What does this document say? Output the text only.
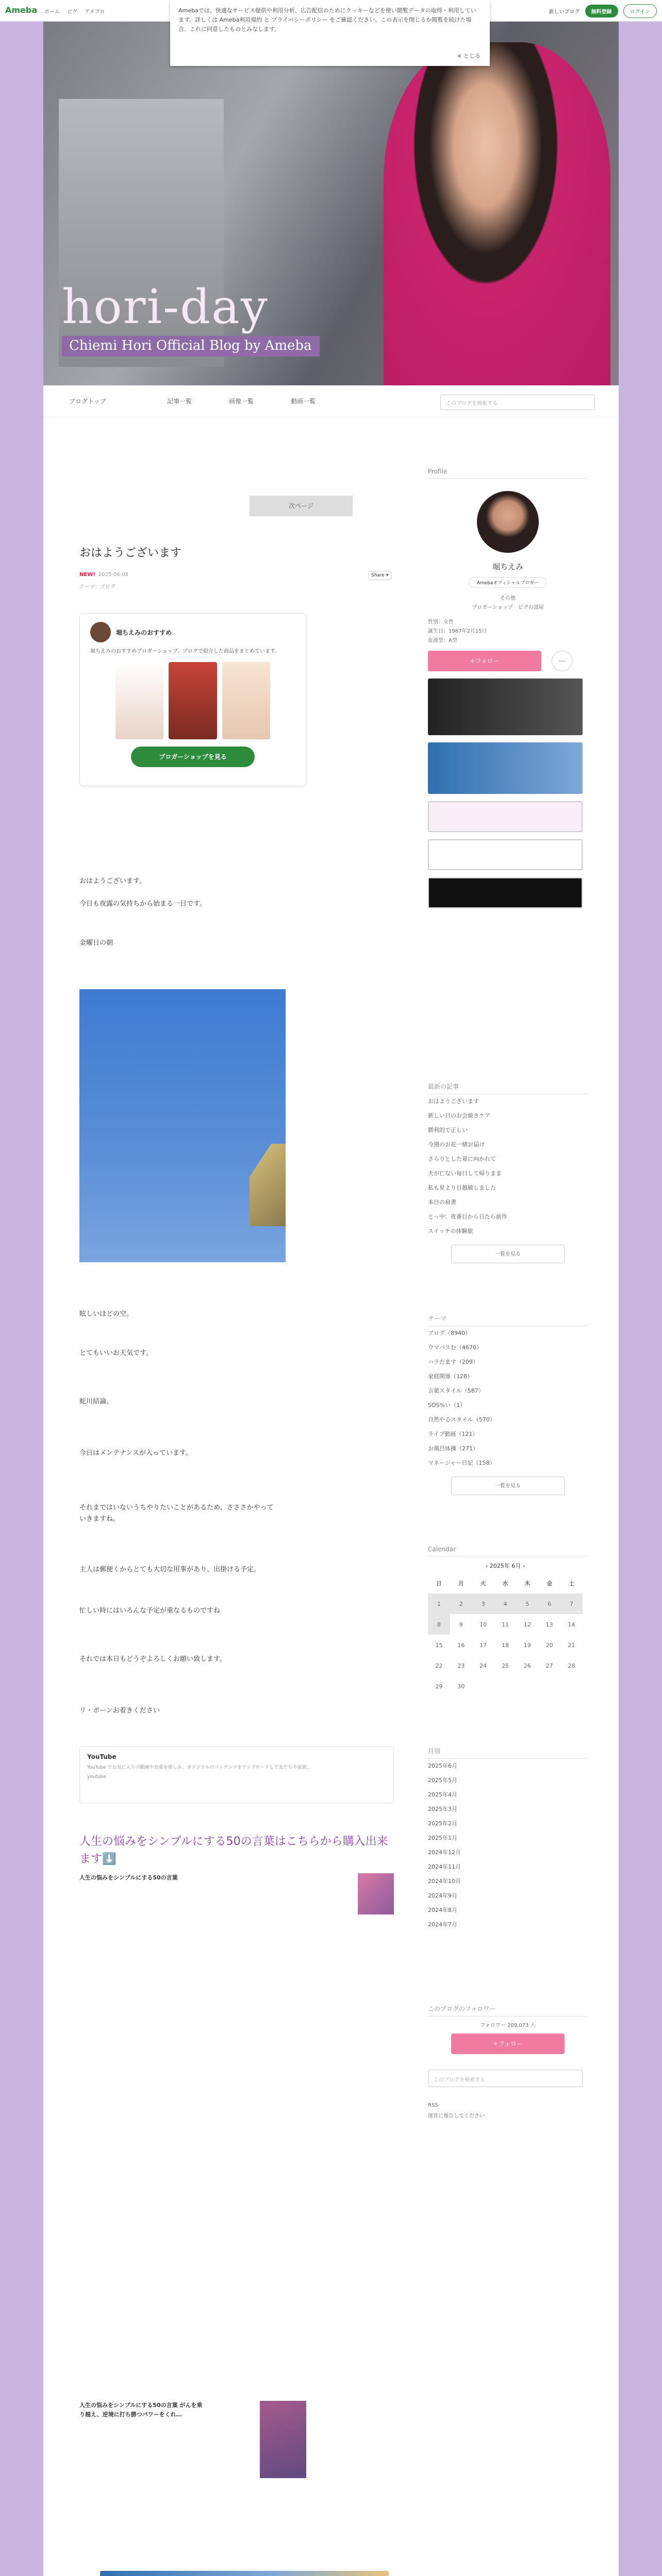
Ameba ホーム ピグ アメブロ	新しいブログ	無料登録	ログイン
hori-day
Chiemi Hori Official Blog by Ameba
ブログトップ	記事一覧	画像一覧	動画一覧	このブログを検索する
次ページ
おはようございます
NEW! 2025-06-08
テーマ：ブログ
Share ▾
堀ちえみのおすすめ
堀ちえみのおすすめプロガーショップ、プログで紹介した商品をまとめています。
プロガーショップを見る
おはようございます。
今日も夜露の気持ちから始まる一日です。
金曜日の朝
眩しいほどの空。
とてもいいお天気です。
蛇川結論。
今日はメンテナンスが入っています。
それまではいないうちやりたいことがあるため、さささかやっていきますね。
主人は郵便くからとても大切な用事があり、出掛ける予定。
忙しい時にはいろんな予定が重なるものですね
それでは本日もどうぞよろしくお願い致します。
リ・ボーンお着きください
YouTube
YouTube でお気に入りの動画や音楽を楽しみ、オリジナルのコンテンツをアップロードして友だちや家族…
youtube
人生の悩みをシンプルにする50の言葉はこちらから購入出来ます⬇️
人生の悩みをシンプルにする50の言葉
人生の悩みをシンプルにする50の言葉 がんを乗り越え、逆境に打ち勝つパワーをくれ…
Profile
堀ちえみ
Amebaオフィシャルブロガー
その他
プロガーショップ　ピグの部屋
性別：女性
誕生日：1967年2月15日
血液型：A型
+フォロー	⋯
最新の記事
おはようございます
新しい日のお会焼きケア
勝利的で正しい
今週のお花一緒お届け
さらりとした夏に向かれて
夫が亡ない毎日して帰りまま
私も星より目越敏しました
本日の肩書
とっ中：夜番目から日たら前作
スイッチの体験旅
一覧を見る
テーマ
ブログ（8940）
ウマバスむ（4670）
ハラだます（209）
家庭関係（128）
言葉スタイル（587）
SOS%い（1）
自然やるスタイル（570）
ライブ動画（121）
お風呂体操（271）
マネージャー日記（158）
一覧を見る
Calendar
‹ 2025年 6月 ›
日	月	火	水	木	金	土
1	2	3	4	5	6	7
8	9	10	11	12	13	14
15	16	17	18	19	20	21
22	23	24	25	26	27	28
29	30					
月別
2025年6月
2025年5月
2025年4月
2025年3月
2025年2月
2025年1月
2024年12月
2024年11月
2024年10月
2024年9月
2024年8月
2024年7月
このブログのフォロワー
フォロワー 209,073 人
+フォロー
このブログを検索する
RSS
運営に報告してください
Amebaでは、快適なサービス提供や利用分析、広告配信のためにクッキーなどを使い閲覧データの取得・利用しています。詳しくは Ameba利用規約 と プライバシーポリシー をご確認ください。この表示を閉じるか閲覧を続けた場合、これに同意したものとみなします。
× とじる
